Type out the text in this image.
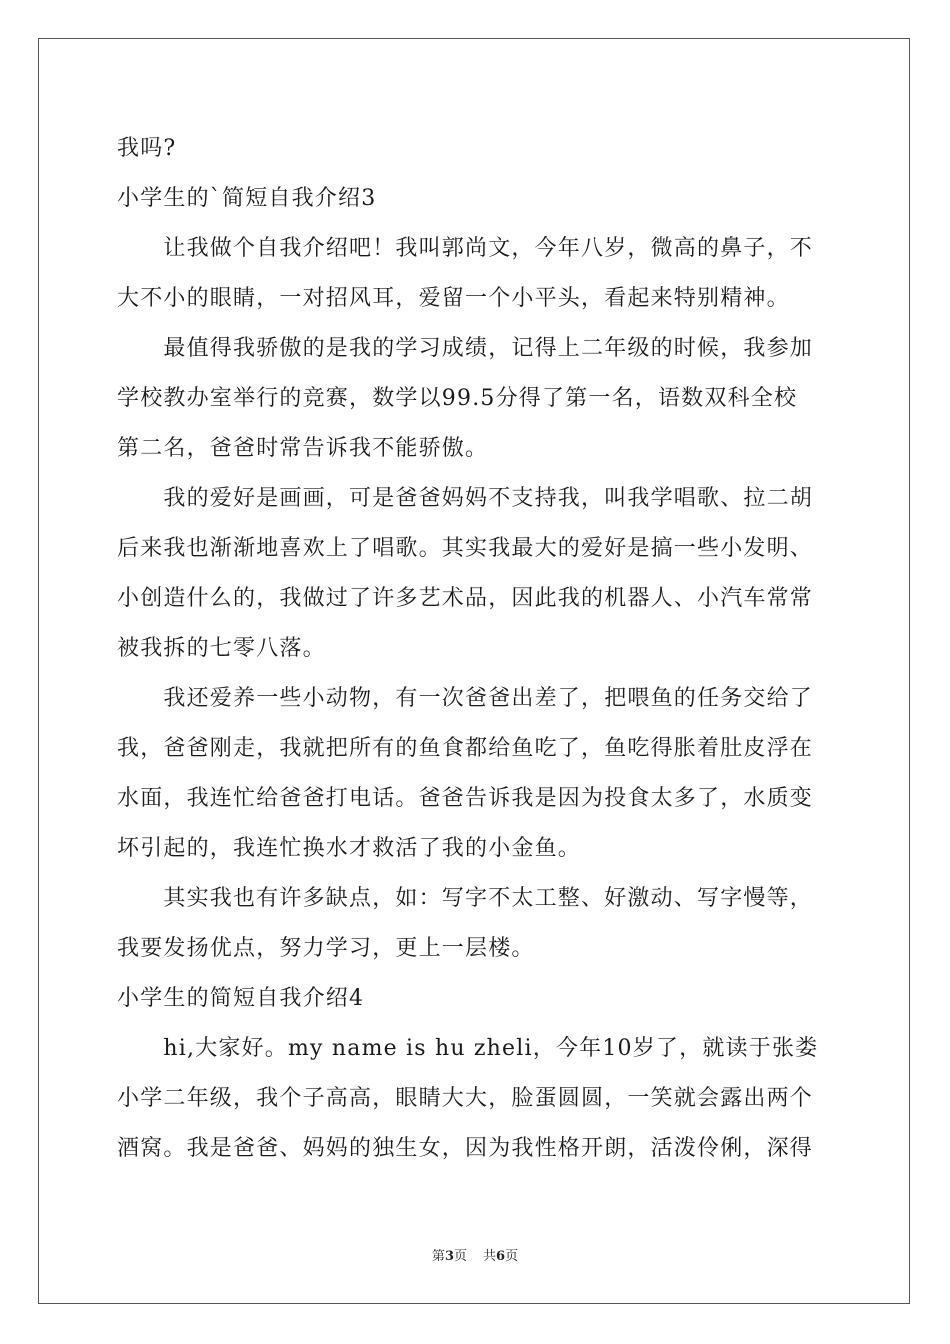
我吗?
小学生的`简短自我介绍3
　　让我做个自我介绍吧！我叫郭尚文，今年八岁，微高的鼻子，不
大不小的眼睛，一对招风耳，爱留一个小平头，看起来特别精神。
　　最值得我骄傲的是我的学习成绩，记得上二年级的时候，我参加
学校教办室举行的竞赛，数学以99.5分得了第一名，语数双科全校
第二名，爸爸时常告诉我不能骄傲。
　　我的爱好是画画，可是爸爸妈妈不支持我，叫我学唱歌、拉二胡
后来我也渐渐地喜欢上了唱歌。其实我最大的爱好是搞一些小发明、
小创造什么的，我做过了许多艺术品，因此我的机器人、小汽车常常
被我拆的七零八落。
　　我还爱养一些小动物，有一次爸爸出差了，把喂鱼的任务交给了
我，爸爸刚走，我就把所有的鱼食都给鱼吃了，鱼吃得胀着肚皮浮在
水面，我连忙给爸爸打电话。爸爸告诉我是因为投食太多了，水质变
坏引起的，我连忙换水才救活了我的小金鱼。
　　其实我也有许多缺点，如：写字不太工整、好激动、写字慢等，
我要发扬优点，努力学习，更上一层楼。
小学生的简短自我介绍4
　　hi,大家好。my name is hu zheli，今年10岁了，就读于张娄
小学二年级，我个子高高，眼睛大大，脸蛋圆圆，一笑就会露出两个
酒窝。我是爸爸、妈妈的独生女，因为我性格开朗，活泼伶俐，深得
第3页 共6页
